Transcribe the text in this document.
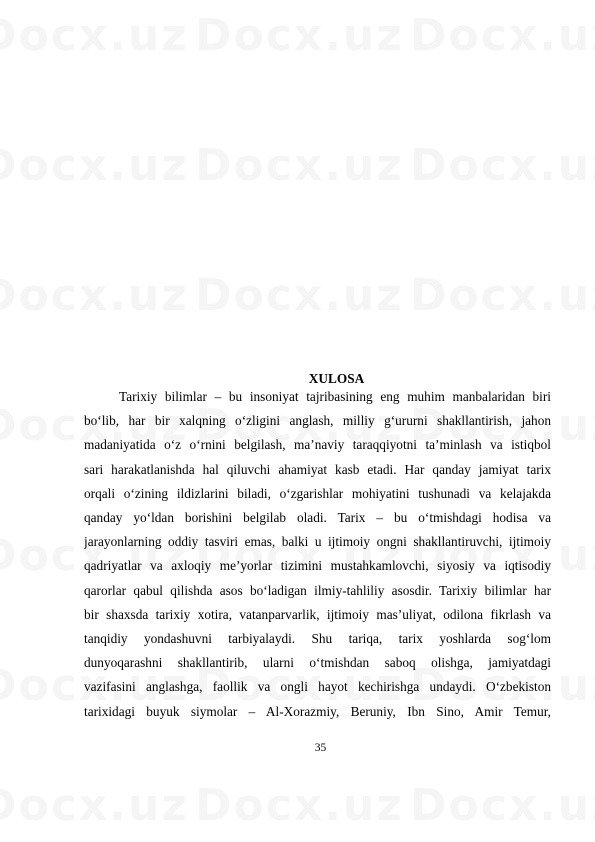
XULOSA
Tarixiy bilimlar – bu insoniyat tajribasining eng muhim manbalaridan biri
bo‘lib, har bir xalqning o‘zligini anglash, milliy g‘ururni shakllantirish, jahon
madaniyatida o‘z o‘rnini belgilash, ma’naviy taraqqiyotni ta’minlash va istiqbol
sari harakatlanishda hal qiluvchi ahamiyat kasb etadi. Har qanday jamiyat tarix
orqali o‘zining ildizlarini biladi, o‘zgarishlar mohiyatini tushunadi va kelajakda
qanday yo‘ldan borishini belgilab oladi. Tarix – bu o‘tmishdagi hodisa va
jarayonlarning oddiy tasviri emas, balki u ijtimoiy ongni shakllantiruvchi, ijtimoiy
qadriyatlar va axloqiy me’yorlar tizimini mustahkamlovchi, siyosiy va iqtisodiy
qarorlar qabul qilishda asos bo‘ladigan ilmiy-tahliliy asosdir. Tarixiy bilimlar har
bir shaxsda tarixiy xotira, vatanparvarlik, ijtimoiy mas’uliyat, odilona fikrlash va
tanqidiy yondashuvni tarbiyalaydi. Shu tariqa, tarix yoshlarda sog‘lom
dunyoqarashni shakllantirib, ularni o‘tmishdan saboq olishga, jamiyatdagi
vazifasini anglashga, faollik va ongli hayot kechirishga undaydi. O‘zbekiston
tarixidagi buyuk siymolar – Al-Xorazmiy, Beruniy, Ibn Sino, Amir Temur,
35
